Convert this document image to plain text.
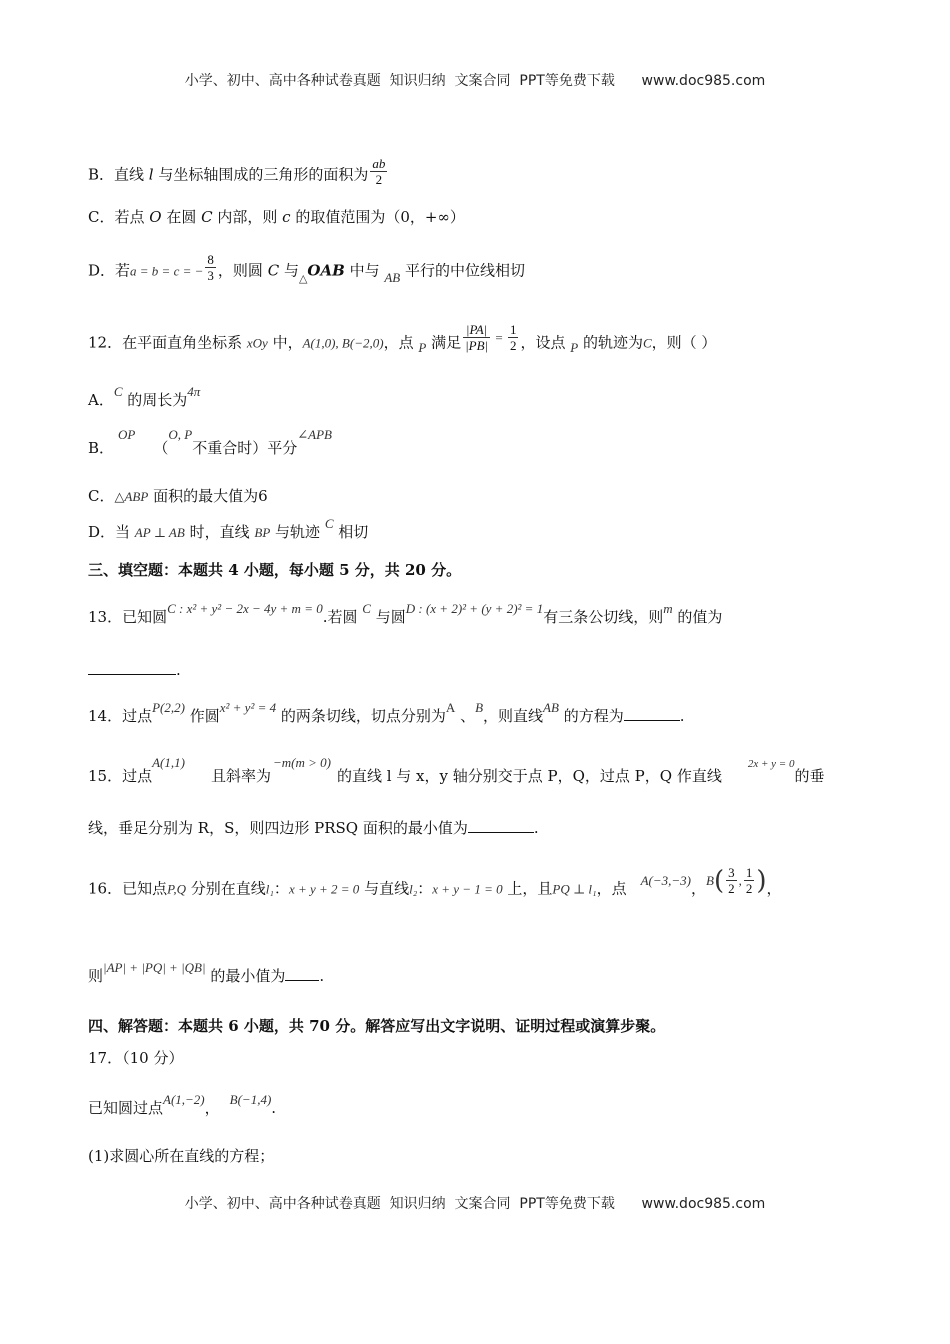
小学、初中、高中各种试卷真题  知识归纳  文案合同  PPT等免费下载      www.doc985.com
B．直线 l 与坐标轴围成的三角形的面积为 $\frac{ab}{2}$
C．若点 O 在圆 C 内部，则 c 的取值范围为（0，+∞）
D．若a = b = c = − $\frac{8}{3}$ ，则圆 C 与$_\triangle$OAB 中与 AB 平行的中位线相切
12．在平面直角坐标系 xOy 中，A(1,0), B(−2,0)，点 P 满足 $\frac{|PA|}{|PB|} = \frac{1}{2}$ ，设点 P 的轨迹为C，则（ ）
A．C 的周长为4π
B．OP（O, P不重合时）平分∠APB
C．△ABP 面积的最大值为6
D．当 AP ⊥ AB 时，直线 BP 与轨迹 C 相切
三、填空题：本题共 4 小题，每小题 5 分，共 20 分。
13．已知圆C : x² + y² − 2x − 4y + m = 0.若圆 C 与圆D : (x + 2)² + (y + 2)² = 1有三条公切线，则m 的值为
.
14．过点P(2,2) 作圆x² + y² = 4 的两条切线，切点分别为A 、B，则直线AB 的方程为	.
15．过点A(1,1)且斜率为−m(m > 0)的直线 l 与 x，y 轴分别交于点 P，Q，过点 P，Q 作直线$^{2x + y = 0}$的垂
线，垂足分别为 R，S，则四边形 PRSQ 面积的最小值为	.
16．已知点P,Q 分别在直线l₁：x + y + 2 = 0 与直线l₂：x + y − 1 = 0 上，且PQ ⊥ l₁，点 A(−3,−3)，$B( \frac{3}{2}$ , $\frac{1}{2}$ )，
则|AP| + |PQ| + |QB| 的最小值为 .
四、解答题：本题共 6 小题，共 70 分。解答应写出文字说明、证明过程或演算步聚。
17．（10 分）
已知圆过点A(1,−2)， B(−1,4).
(1)求圆心所在直线的方程；
小学、初中、高中各种试卷真题  知识归纳  文案合同  PPT等免费下载      www.doc985.com
